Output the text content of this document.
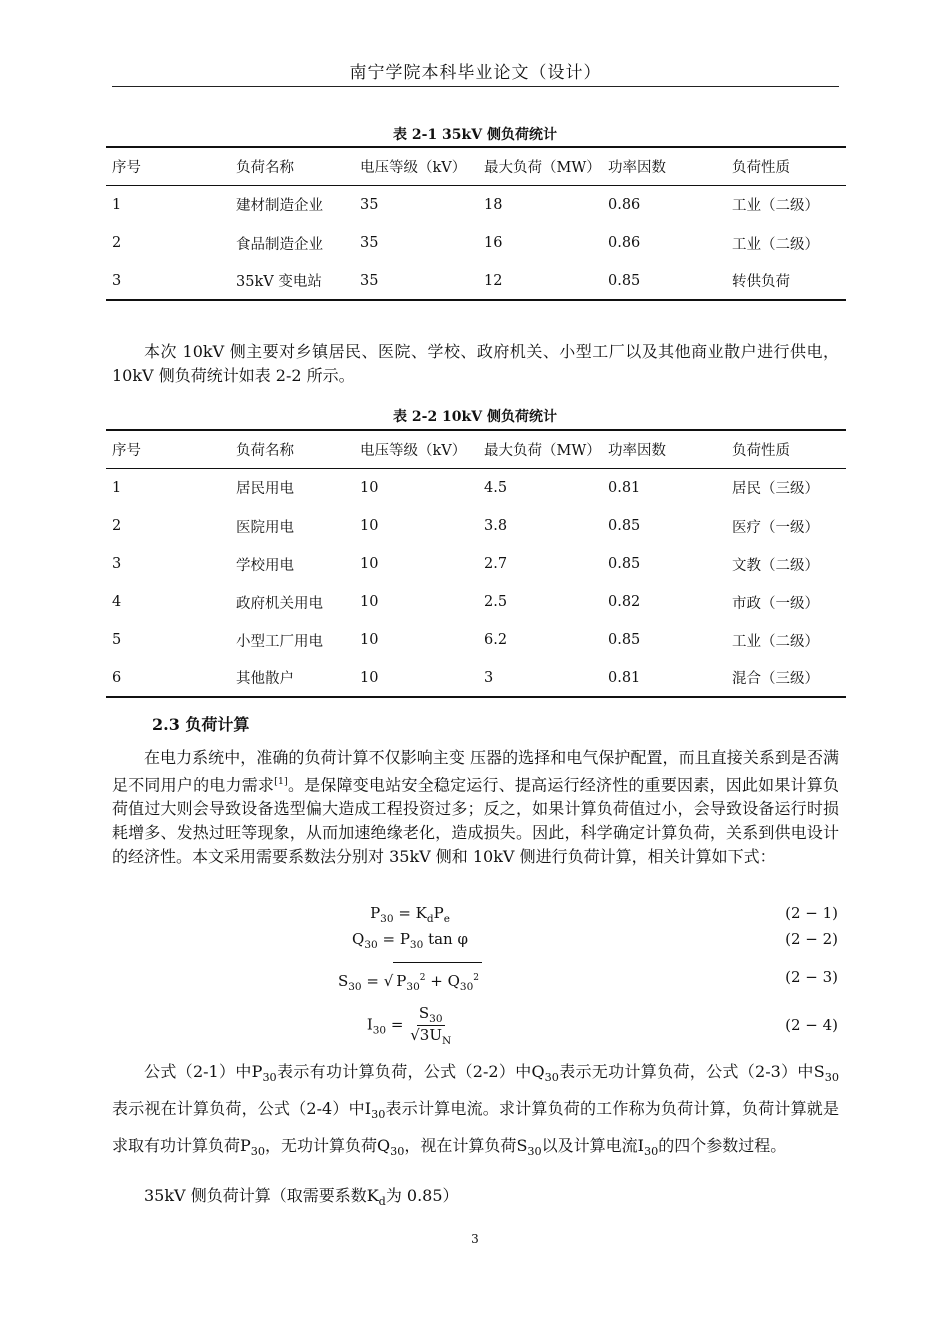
南宁学院本科毕业论文（设计）
表 2-1 35kV 侧负荷统计
序号	负荷名称	电压等级（kV）	最大负荷（MW）	功率因数	负荷性质
1	建材制造企业	35	18	0.86	工业（二级）
2	食品制造企业	35	16	0.86	工业（二级）
3	35kV 变电站	35	12	0.85	转供负荷

本次 10kV 侧主要对乡镇居民、医院、学校、政府机关、小型工厂以及其他商业散户进行供电，10kV 侧负荷统计如表 2-2 所示。

表 2-2 10kV 侧负荷统计
序号	负荷名称	电压等级（kV）	最大负荷（MW）	功率因数	负荷性质
1	居民用电	10	4.5	0.81	居民（三级）
2	医院用电	10	3.8	0.85	医疗（一级）
3	学校用电	10	2.7	0.85	文教（二级）
4	政府机关用电	10	2.5	0.82	市政（一级）
5	小型工厂用电	10	6.2	0.85	工业（二级）
6	其他散户	10	3	0.81	混合（三级）
2.3 负荷计算

在电力系统中，准确的负荷计算不仅影响主变 压器的选择和电气保护配置，而且直接关系到是否满足不同用户的电力需求[1]。是保障变电站安全稳定运行、提高运行经济性的重要因素，因此如果计算负荷值过大则会导致设备选型偏大造成工程投资过多；反之，如果计算负荷值过小，会导致设备运行时损耗增多、发热过旺等现象，从而加速绝缘老化，造成损失。因此，科学确定计算负荷，关系到供电设计的经济性。本文采用需要系数法分别对 35kV 侧和 10kV 侧进行负荷计算，相关计算如下式：

$P_{30} = K_dP_e$	(2 − 1)
$Q_{30} = P_{30}$ tan φ	(2 − 2)
$S_{30}$ = √ $P_{30}^2 + Q_{30}^2$	(2 − 3)
$I_{30} = \frac{S_{30}}{√3U_N}$	(2 − 4)

公式（2-1）中$P_{30}$表示有功计算负荷，公式（2-2）中$Q_{30}$表示无功计算负荷，公式（2-3）中$S_{30}$表示视在计算负荷，公式（2-4）中$I_{30}$表示计算电流。求计算负荷的工作称为负荷计算，负荷计算就是求取有功计算负荷$P_{30}$，无功计算负荷$Q_{30}$，视在计算负荷$S_{30}$以及计算电流$I_{30}$的四个参数过程。

35kV 侧负荷计算（取需要系数$K_d$为 0.85）

3
